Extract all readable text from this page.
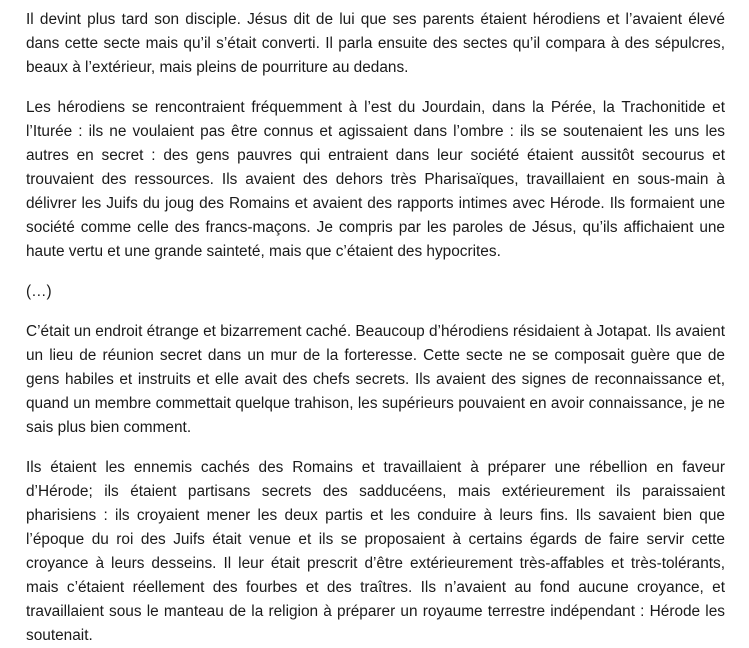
Il devint plus tard son disciple. Jésus dit de lui que ses parents étaient hérodiens et l’avaient élevé dans cette secte mais qu’il s’était converti. Il parla ensuite des sectes qu’il compara à des sépulcres, beaux à l’extérieur, mais pleins de pourriture au dedans.

Les hérodiens se rencontraient fréquemment à l’est du Jourdain, dans la Pérée, la Trachonitide et l’Iturée : ils ne voulaient pas être connus et agissaient dans l’ombre : ils se soutenaient les uns les autres en secret : des gens pauvres qui entraient dans leur société étaient aussitôt secourus et trouvaient des ressources. Ils avaient des dehors très Pharisaïques, travaillaient en sous-main à délivrer les Juifs du joug des Romains et avaient des rapports intimes avec Hérode. Ils formaient une société comme celle des francs-maçons. Je compris par les paroles de Jésus, qu’ils affichaient une haute vertu et une grande sainteté, mais que c’étaient des hypocrites.

(…)

C’était un endroit étrange et bizarrement caché. Beaucoup d’hérodiens résidaient à Jotapat. Ils avaient un lieu de réunion secret dans un mur de la forteresse. Cette secte ne se composait guère que de gens habiles et instruits et elle avait des chefs secrets. Ils avaient des signes de reconnaissance et, quand un membre commettait quelque trahison, les supérieurs pouvaient en avoir connaissance, je ne sais plus bien comment.

Ils étaient les ennemis cachés des Romains et travaillaient à préparer une rébellion en faveur d’Hérode; ils étaient partisans secrets des sadducéens, mais extérieurement ils paraissaient pharisiens : ils croyaient mener les deux partis et les conduire à leurs fins. Ils savaient bien que l’époque du roi des Juifs était venue et ils se proposaient à certains égards de faire servir cette croyance à leurs desseins. Il leur était prescrit d’être extérieurement très-affables et très-tolérants, mais c’étaient réellement des fourbes et des traîtres. Ils n’avaient au fond aucune croyance, et travaillaient sous le manteau de la religion à préparer un royaume terrestre indépendant : Hérode les soutenait.
